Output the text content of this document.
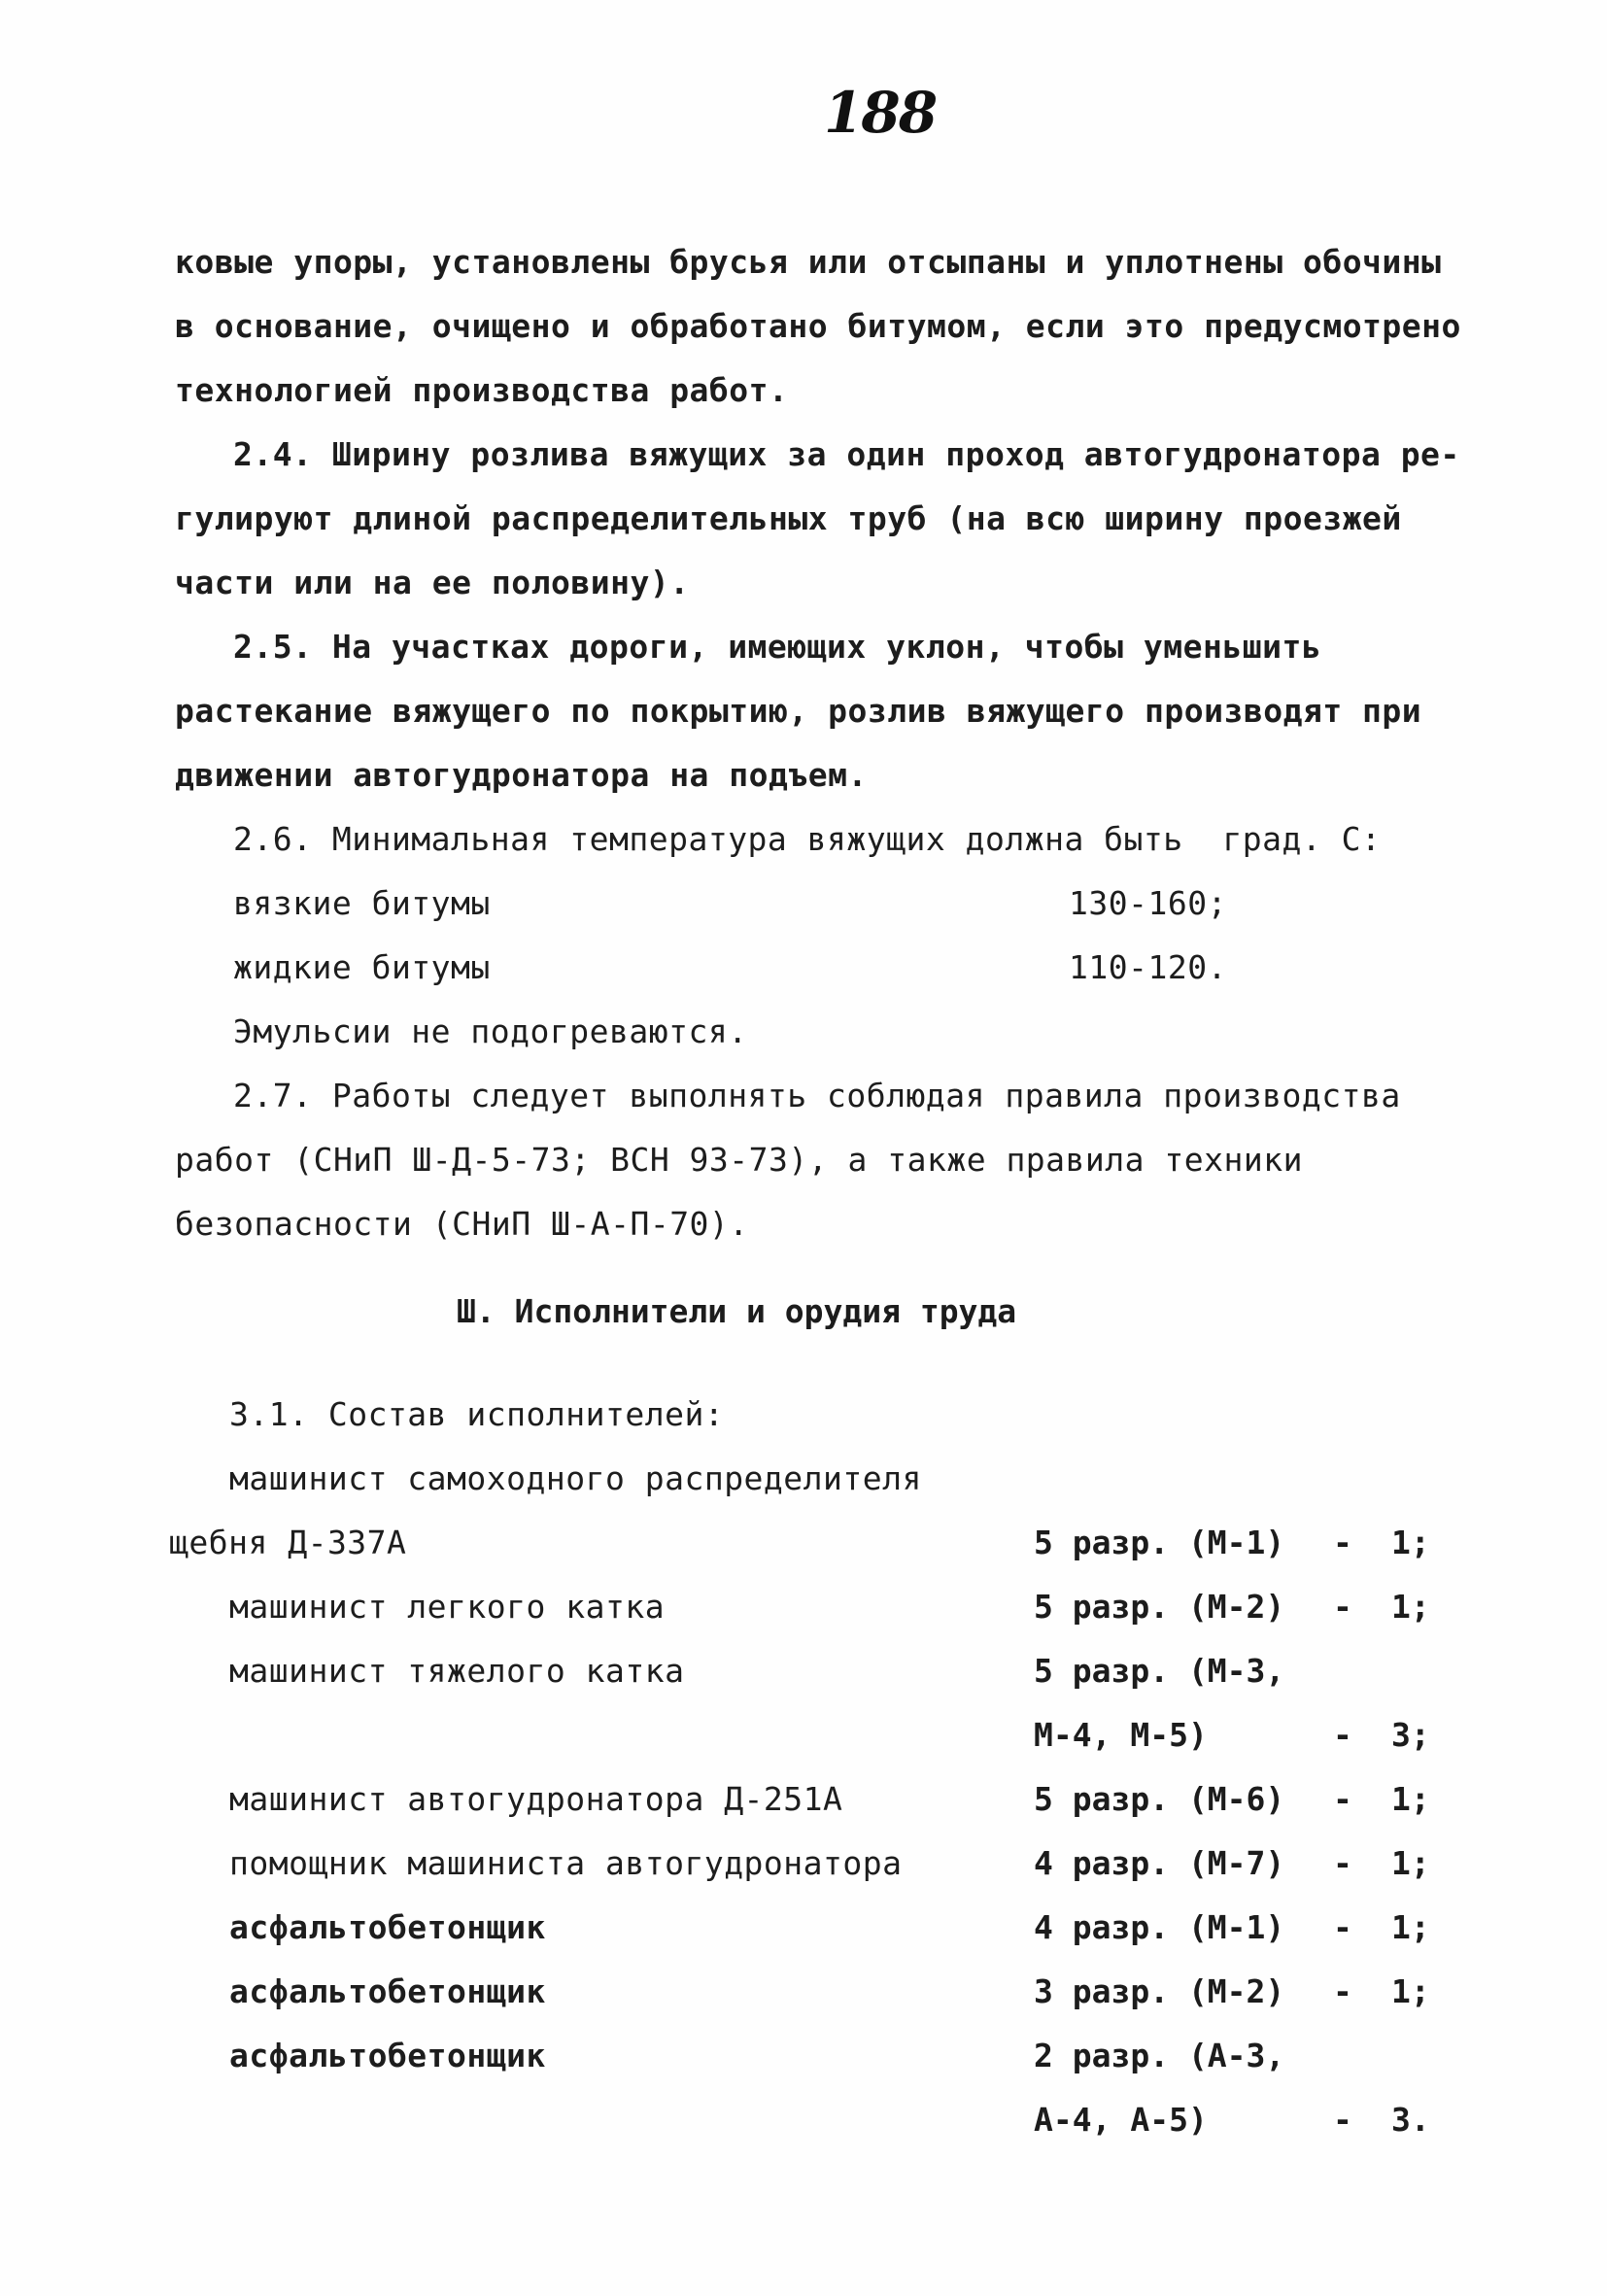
188
ковые упоры, установлены брусья или отсыпаны и уплотнены обочины
в основание, очищено и обработано битумом, если это предусмотрено
технологией производства работ.
2.4. Ширину розлива вяжущих за один проход автогудронатора ре-
гулируют длиной распределительных труб (на всю ширину проезжей
части или на ее половину).
2.5. На участках дороги, имеющих уклон, чтобы уменьшить
растекание вяжущего по покрытию, розлив вяжущего производят при
движении автогудронатора на подъем.
2.6. Минимальная температура вяжущих должна быть  град. С:
вязкие битумы	130-160;
жидкие битумы	110-120.
Эмульсии не подогреваются.
2.7. Работы следует выполнять соблюдая правила производства
работ (СНиП Ш-Д-5-73; ВСН 93-73), а также правила техники
безопасности (СНиП Ш-А-П-70).
Ш. Исполнители и орудия труда
3.1. Состав исполнителей:
машинист самоходного распределителя
щебня Д-337А	5 разр. (М-1) - 1;
машинист легкого катка	5 разр. (М-2) - 1;
машинист тяжелого катка	5 разр. (М-3,
М-4, М-5)	- 3;
машинист автогудронатора Д-251А	5 разр. (М-6) - 1;
помощник машиниста автогудронатора	4 разр. (М-7) - 1;
асфальтобетонщик	4 разр. (М-1) - 1;
асфальтобетонщик	3 разр. (М-2) - 1;
асфальтобетонщик	2 разр. (А-3,
А-4, А-5)	- 3.
